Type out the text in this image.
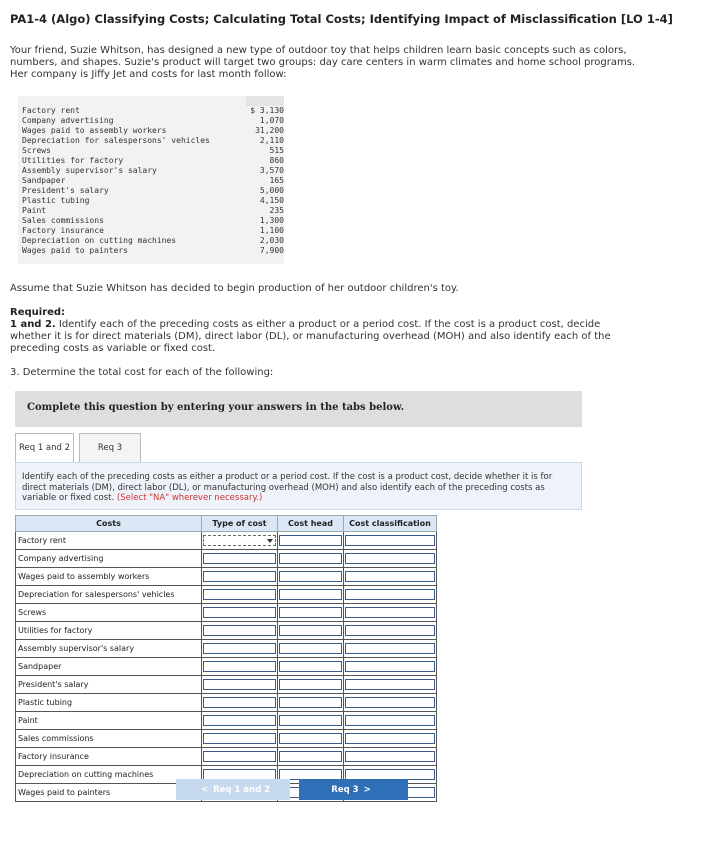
PA1-4 (Algo) Classifying Costs; Calculating Total Costs; Identifying Impact of Misclassification [LO 1-4]
Your friend, Suzie Whitson, has designed a new type of outdoor toy that helps children learn basic concepts such as colors, numbers, and shapes. Suzie's product will target two groups: day care centers in warm climates and home school programs. Her company is Jiffy Jet and costs for last month follow:
Factory rent	$ 3,130
Company advertising	1,070
Wages paid to assembly workers	31,200
Depreciation for salespersons' vehicles	2,110
Screws	515
Utilities for factory	860
Assembly supervisor's salary	3,570
Sandpaper	165
President's salary	5,000
Plastic tubing	4,150
Paint	235
Sales commissions	1,300
Factory insurance	1,100
Depreciation on cutting machines	2,030
Wages paid to painters	7,900
Assume that Suzie Whitson has decided to begin production of her outdoor children's toy.
Required:
1 and 2. Identify each of the preceding costs as either a product or a period cost. If the cost is a product cost, decide whether it is for direct materials (DM), direct labor (DL), or manufacturing overhead (MOH) and also identify each of the preceding costs as variable or fixed cost.
3. Determine the total cost for each of the following:
Complete this question by entering your answers in the tabs below.
Req 1 and 2	Req 3

Identify each of the preceding costs as either a product or a period cost. If the cost is a product cost, decide whether it is for direct materials (DM), direct labor (DL), or manufacturing overhead (MOH) and also identify each of the preceding costs as variable or fixed cost. (Select "NA" wherever necessary.)

Costs	Type of cost	Cost head	Cost classification
Factory rent	

Company advertising	

Wages paid to assembly workers	

Depreciation for salespersons' vehicles	

Screws	

Utilities for factory	

Assembly supervisor's salary	

Sandpaper	

President's salary	

Plastic tubing	

Paint	

Sales commissions	

Factory insurance	

Depreciation on cutting machines	

Wages paid to painters	

		< Req 1 and 2	Req 3 >
